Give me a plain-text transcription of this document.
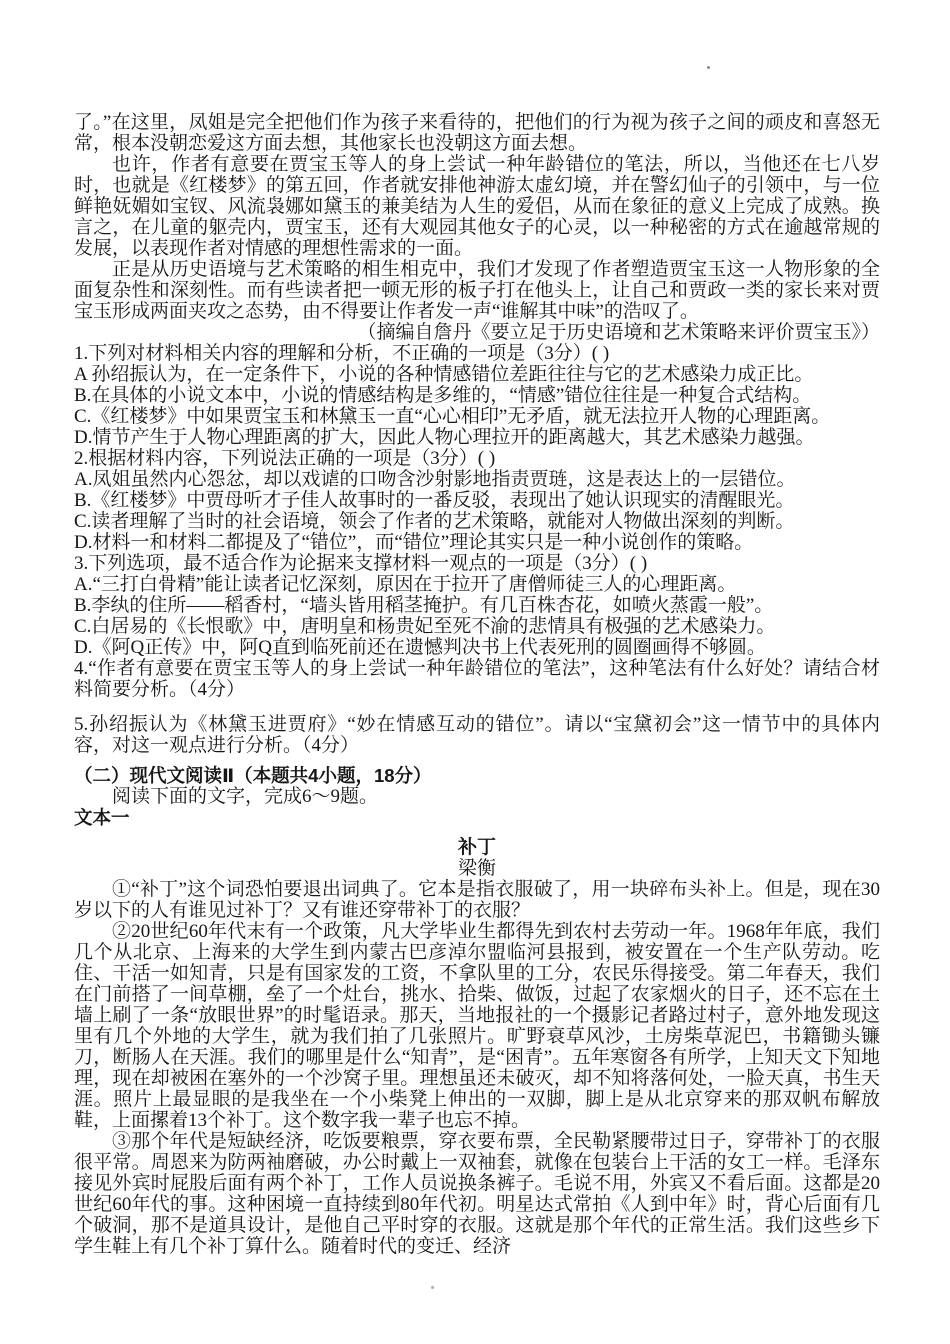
了。”在这里，凤姐是完全把他们作为孩子来看待的，把他们的行为视为孩子之间的顽皮和喜怒无常，根本没朝恋爱这方面去想，其他家长也没朝这方面去想。
也许，作者有意要在贾宝玉等人的身上尝试一种年龄错位的笔法，所以，当他还在七八岁时，也就是《红楼梦》的第五回，作者就安排他神游太虚幻境，并在警幻仙子的引领中，与一位鲜艳妩媚如宝钗、风流袅娜如黛玉的兼美结为人生的爱侣，从而在象征的意义上完成了成熟。换言之，在儿童的躯壳内，贾宝玉，还有大观园其他女子的心灵，以一种秘密的方式在逾越常规的发展，以表现作者对情感的理想性需求的一面。
正是从历史语境与艺术策略的相生相克中，我们才发现了作者塑造贾宝玉这一人物形象的全面复杂性和深刻性。而有些读者把一顿无形的板子打在他头上，让自己和贾政一类的家长来对贾宝玉形成两面夹攻之态势，由不得要让作者发一声“谁解其中味”的浩叹了。
（摘编自詹丹《要立足于历史语境和艺术策略来评价贾宝玉》）
1.下列对材料相关内容的理解和分析，不正确的一项是（3分）( )
A 孙绍振认为，在一定条件下，小说的各种情感错位差距往往与它的艺术感染力成正比。
B.在具体的小说文本中，小说的情感结构是多维的，“情感”错位往往是一种复合式结构。
C.《红楼梦》中如果贾宝玉和林黛玉一直“心心相印”无矛盾，就无法拉开人物的心理距离。
D.情节产生于人物心理距离的扩大，因此人物心理拉开的距离越大，其艺术感染力越强。
2.根据材料内容，下列说法正确的一项是（3分）( )
A.凤姐虽然内心怨忿，却以戏谑的口吻含沙射影地指责贾琏，这是表达上的一层错位。
B.《红楼梦》中贾母听才子佳人故事时的一番反驳，表现出了她认识现实的清醒眼光。
C.读者理解了当时的社会语境，领会了作者的艺术策略，就能对人物做出深刻的判断。
D.材料一和材料二都提及了“错位”，而“错位”理论其实只是一种小说创作的策略。
3.下列选项，最不适合作为论据来支撑材料一观点的一项是（3分）( )
A.“三打白骨精”能让读者记忆深刻，原因在于拉开了唐僧师徒三人的心理距离。
B.李纨的住所——稻香村，“墙头皆用稻茎掩护。有几百株杏花，如喷火蒸霞一般”。
C.白居易的《长恨歌》中，唐明皇和杨贵妃至死不渝的悲情具有极强的艺术感染力。
D.《阿Q正传》中，阿Q直到临死前还在遗憾判决书上代表死刑的圆圈画得不够圆。
4.“作者有意要在贾宝玉等人的身上尝试一种年龄错位的笔法”，这种笔法有什么好处？请结合材料简要分析。（4分）
5.孙绍振认为《林黛玉进贾府》“妙在情感互动的错位”。请以“宝黛初会”这一情节中的具体内容，对这一观点进行分析。（4分）
（二）现代文阅读Ⅱ（本题共4小题，18分）
阅读下面的文字，完成6～9题。
文本一
补丁
梁衡
①“补丁”这个词恐怕要退出词典了。它本是指衣服破了，用一块碎布头补上。但是，现在30岁以下的人有谁见过补丁？又有谁还穿带补丁的衣服？
②20世纪60年代末有一个政策，凡大学毕业生都得先到农村去劳动一年。1968年年底，我们几个从北京、上海来的大学生到内蒙古巴彦淖尔盟临河县报到，被安置在一个生产队劳动。吃住、干活一如知青，只是有国家发的工资，不拿队里的工分，农民乐得接受。第二年春天，我们在门前搭了一间草棚，垒了一个灶台，挑水、拾柴、做饭，过起了农家烟火的日子，还不忘在土墙上刷了一条“放眼世界”的时髦语录。那天，当地报社的一个摄影记者路过村子，意外地发现这里有几个外地的大学生，就为我们拍了几张照片。旷野衰草风沙，土房柴草泥巴，书籍锄头镰刀，断肠人在天涯。我们的哪里是什么“知青”，是“困青”。五年寒窗各有所学，上知天文下知地理，现在却被困在塞外的一个沙窝子里。理想虽还未破灭，却不知将落何处，一脸天真，书生天涯。照片上最显眼的是我坐在一个小柴凳上伸出的一双脚，脚上是从北京穿来的那双帆布解放鞋，上面摞着13个补丁。这个数字我一辈子也忘不掉。
③那个年代是短缺经济，吃饭要粮票，穿衣要布票，全民勒紧腰带过日子，穿带补丁的衣服很平常。周恩来为防两袖磨破，办公时戴上一双袖套，就像在包装台上干活的女工一样。毛泽东接见外宾时屁股后面有两个补丁，工作人员说换条裤子。毛说不用，外宾又不看后面。这都是20世纪60年代的事。这种困境一直持续到80年代初。明星达式常拍《人到中年》时，背心后面有几个破洞，那不是道具设计，是他自己平时穿的衣服。这就是那个年代的正常生活。我们这些乡下学生鞋上有几个补丁算什么。随着时代的变迁、经济
